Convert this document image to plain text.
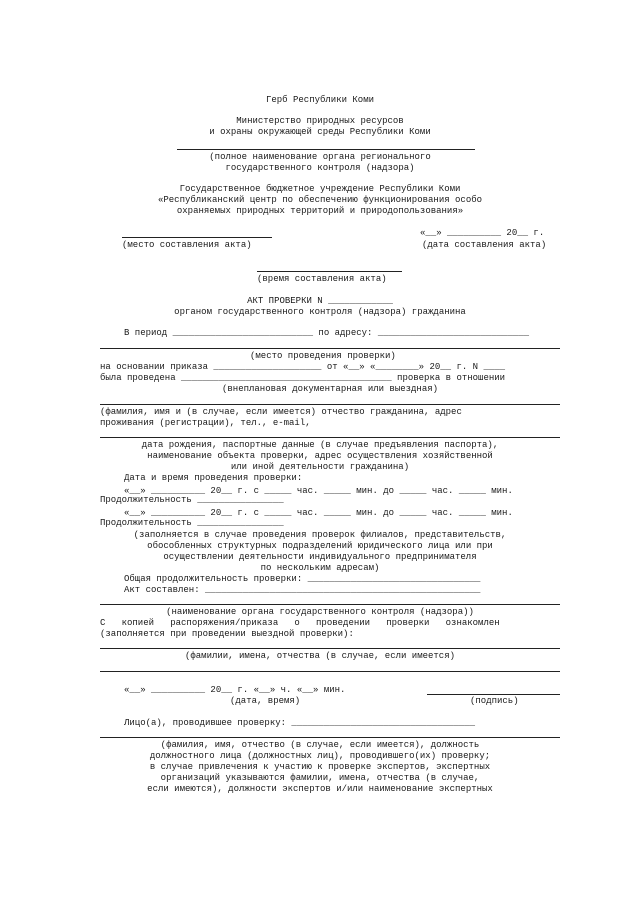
Герб Республики Коми
Министерство природных ресурсов
и охраны окружающей среды Республики Коми
(полное наименование органа регионального
государственного контроля (надзора)
Государственное бюджетное учреждение Республики Коми
«Республиканский центр по обеспечению функционирования особо
охраняемых природных территорий и природопользования»
«__» __________ 20__ г.
(место составления акта)	(дата составления акта)
(время составления акта)
АКТ ПРОВЕРКИ N ____________
органом государственного контроля (надзора) гражданина
В период __________________________ по адресу: ____________________________
(место проведения проверки)
на основании приказа ____________________ от «__» «________» 20__ г. N ____
была проведена _______________________________________ проверка в отношении
(внеплановая документарная или выездная)
(фамилия, имя и (в случае, если имеется) отчество гражданина, адрес
проживания (регистрации), тел., e-mail,
дата рождения, паспортные данные (в случае предъявления паспорта),
наименование объекта проверки, адрес осуществления хозяйственной
или иной деятельности гражданина)
Дата и время проведения проверки:
«__» __________ 20__ г. с _____ час. _____ мин. до _____ час. _____ мин.
Продолжительность ________________
«__» __________ 20__ г. с _____ час. _____ мин. до _____ час. _____ мин.
Продолжительность ________________
(заполняется в случае проведения проверок филиалов, представительств,
обособленных структурных подразделений юридического лица или при
осуществлении деятельности индивидуального предпринимателя
по нескольким адресам)
Общая продолжительность проверки: ________________________________
Акт составлен: ___________________________________________________
(наименование органа государственного контроля (надзора))
С   копией   распоряжения/приказа   о   проведении   проверки   ознакомлен
(заполняется при проведении выездной проверки):
(фамилии, имена, отчества (в случае, если имеется)
«__» __________ 20__ г. «__» ч. «__» мин.
(дата, время)	(подпись)
Лицо(а), проводившее проверку: __________________________________
(фамилия, имя, отчество (в случае, если имеется), должность
должностного лица (должностных лиц), проводившего(их) проверку;
в случае привлечения к участию к проверке экспертов, экспертных
организаций указываются фамилии, имена, отчества (в случае,
если имеются), должности экспертов и/или наименование экспертных
